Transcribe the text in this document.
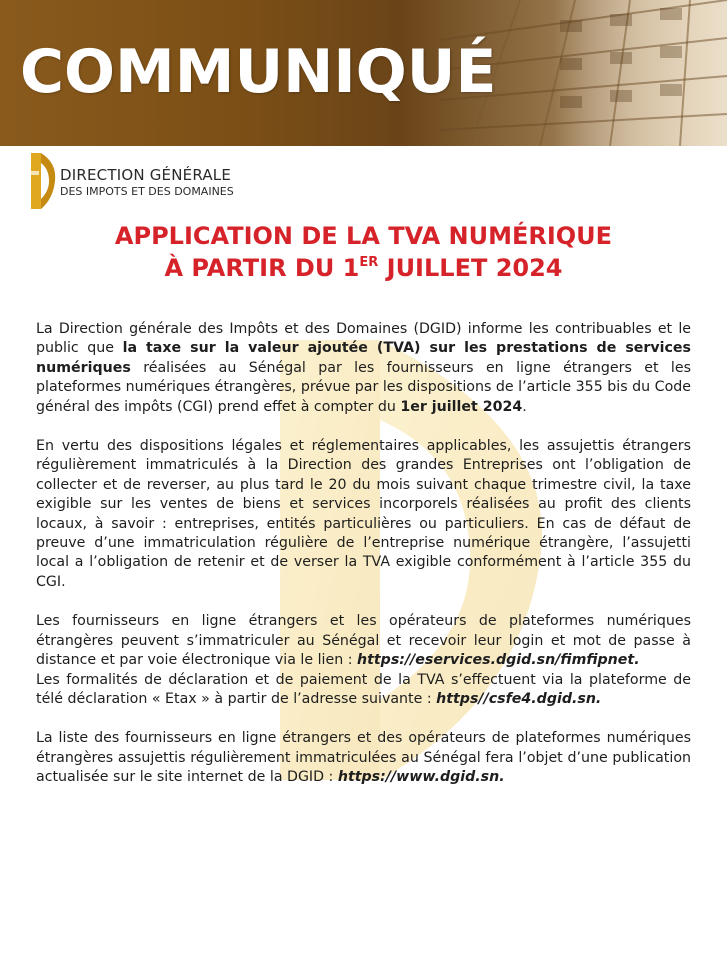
COMMUNIQUÉ
DIRECTION GÉNÉRALE
DES IMPOTS ET DES DOMAINES
APPLICATION DE LA TVA NUMÉRIQUE
À PARTIR DU 1ER JUILLET 2024

La Direction générale des Impôts et des Domaines (DGID) informe les contribuables et le public que la taxe sur la valeur ajoutée (TVA) sur les prestations de services numériques réalisées au Sénégal par les fournisseurs en ligne étrangers et les plateformes numériques étrangères, prévue par les dispositions de l’article 355 bis du Code général des impôts (CGI) prend effet à compter du 1er juillet 2024.

En vertu des dispositions légales et réglementaires applicables, les assujettis étrangers régulièrement immatriculés à la Direction des grandes Entreprises ont l’obligation de collecter et de reverser, au plus tard le 20 du mois suivant chaque trimestre civil, la taxe exigible sur les ventes de biens et services incorporels réalisées au profit des clients locaux, à savoir : entreprises, entités particulières ou particuliers. En cas de défaut de preuve d’une immatriculation régulière de l’entreprise numérique étrangère, l’assujetti local a l’obligation de retenir et de verser la TVA exigible conformément à l’article 355 du CGI.

Les fournisseurs en ligne étrangers et les opérateurs de plateformes numériques étrangères peuvent s’immatriculer au Sénégal et recevoir leur login et mot de passe à distance et par voie électronique via le lien : https://eservices.dgid.sn/fimfipnet.

Les formalités de déclaration et de paiement de la TVA s’effectuent via la plateforme de télé déclaration « Etax » à partir de l’adresse suivante : https//csfe4.dgid.sn.

La liste des fournisseurs en ligne étrangers et des opérateurs de plateformes numériques étrangères assujettis régulièrement immatriculées au Sénégal fera l’objet d’une publication actualisée sur le site internet de la DGID : https://www.dgid.sn.
